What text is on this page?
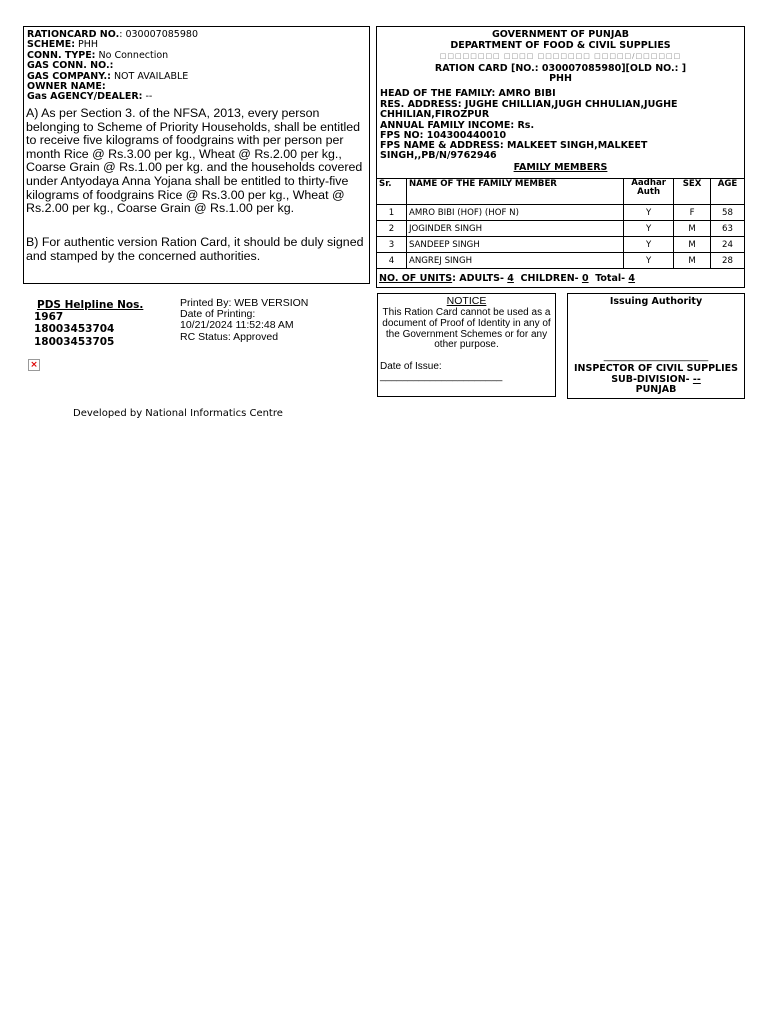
RATIONCARD NO.: 030007085980
SCHEME: PHH
CONN. TYPE: No Connection
GAS CONN. NO.:
GAS COMPANY.: NOT AVAILABLE
OWNER NAME:
Gas AGENCY/DEALER: --
A) As per Section 3. of the NFSA, 2013, every person belonging to Scheme of Priority Households, shall be entitled to receive five kilograms of foodgrains with per person per month Rice @ Rs.3.00 per kg., Wheat @ Rs.2.00 per kg., Coarse Grain @ Rs.1.00 per kg. and the households covered under Antyodaya Anna Yojana shall be entitled to thirty-five kilograms of foodgrains Rice @ Rs.3.00 per kg., Wheat @ Rs.2.00 per kg., Coarse Grain @ Rs.1.00 per kg.
B) For authentic version Ration Card, it should be duly signed and stamped by the concerned authorities.
GOVERNMENT OF PUNJAB
DEPARTMENT OF FOOD & CIVIL SUPPLIES
□□□□□□□□ □□□□ □□□□□□□ □□□□□/□□□□□□
RATION CARD [NO.: 030007085980][OLD NO.: ]
PHH
HEAD OF THE FAMILY: AMRO BIBI
RES. ADDRESS: JUGHE CHILLIAN,JUGH CHHULIAN,JUGHE CHHILIAN,FIROZPUR
ANNUAL FAMILY INCOME: Rs.
FPS NO: 104300440010
FPS NAME & ADDRESS: MALKEET SINGH,MALKEET SINGH,,PB/N/9762946
FAMILY MEMBERS
Sr.	NAME OF THE FAMILY MEMBER	Aadhar Auth	SEX	AGE
1	AMRO BIBI (HOF) (HOF N)	Y	F	58
2	JOGINDER SINGH	Y	M	63
3	SANDEEP SINGH	Y	M	24
4	ANGREJ SINGH	Y	M	28
NO. OF UNITS: ADULTS- 4 CHILDREN- 0 Total- 4
PDS Helpline Nos.
1967
18003453704
18003453705
×
Printed By: WEB VERSION
Date of Printing:
10/21/2024 11:52:48 AM
RC Status: Approved
NOTICE
This Ration Card cannot be used as a document of Proof of Identity in any of the Government Schemes or for any other purpose.
Date of Issue:
______________________
Issuing Authority
______________________
INSPECTOR OF CIVIL SUPPLIES
SUB-DIVISION- --
PUNJAB
Developed by National Informatics Centre
